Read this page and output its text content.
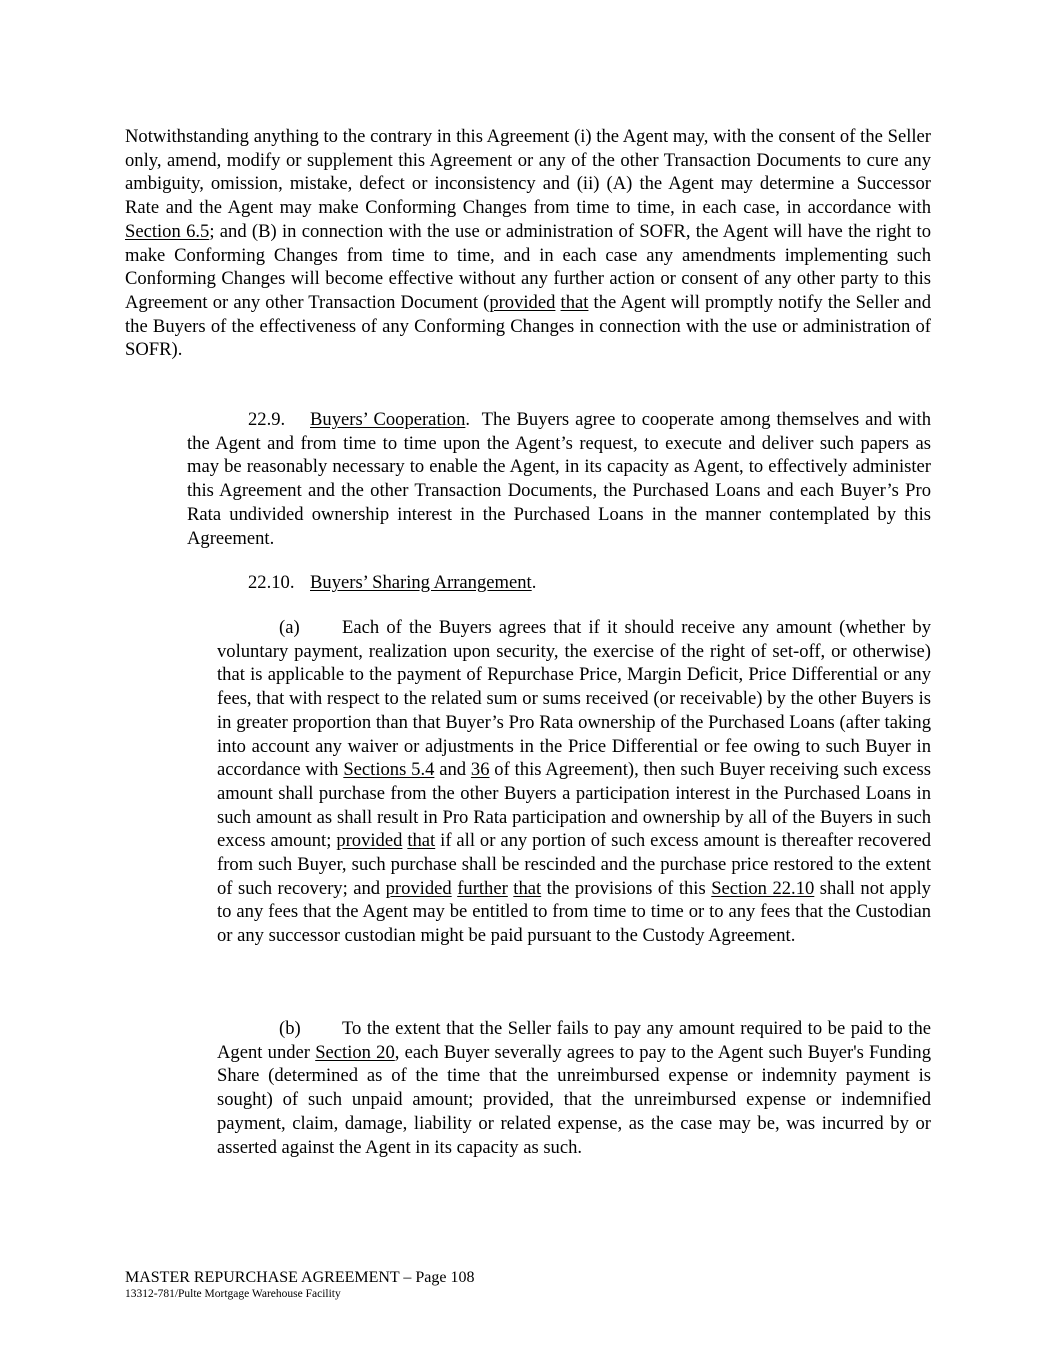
Notwithstanding anything to the contrary in this Agreement (i) the Agent may, with the consent of the Seller only, amend, modify or supplement this Agreement or any of the other Transaction Documents to cure any ambiguity, omission, mistake, defect or inconsistency and (ii) (A) the Agent may determine a Successor Rate and the Agent may make Conforming Changes from time to time, in each case, in accordance with Section 6.5; and (B) in connection with the use or administration of SOFR, the Agent will have the right to make Conforming Changes from time to time, and in each case any amendments implementing such Conforming Changes will become effective without any further action or consent of any other party to this Agreement or any other Transaction Document (provided that the Agent will promptly notify the Seller and the Buyers of the effectiveness of any Conforming Changes in connection with the use or administration of SOFR).

22.9. Buyers’ Cooperation.  The Buyers agree to cooperate among themselves and with the Agent and from time to time upon the Agent’s request, to execute and deliver such papers as may be reasonably necessary to enable the Agent, in its capacity as Agent, to effectively administer this Agreement and the other Transaction Documents, the Purchased Loans and each Buyer’s Pro Rata undivided ownership interest in the Purchased Loans in the manner contemplated by this Agreement.

22.10. Buyers’ Sharing Arrangement.

(a) Each of the Buyers agrees that if it should receive any amount (whether by voluntary payment, realization upon security, the exercise of the right of set-off, or otherwise) that is applicable to the payment of Repurchase Price, Margin Deficit, Price Differential or any fees, that with respect to the related sum or sums received (or receivable) by the other Buyers is in greater proportion than that Buyer’s Pro Rata ownership of the Purchased Loans (after taking into account any waiver or adjustments in the Price Differential or fee owing to such Buyer in accordance with Sections 5.4 and 36 of this Agreement), then such Buyer receiving such excess amount shall purchase from the other Buyers a participation interest in the Purchased Loans in such amount as shall result in Pro Rata participation and ownership by all of the Buyers in such excess amount; provided that if all or any portion of such excess amount is thereafter recovered from such Buyer, such purchase shall be rescinded and the purchase price restored to the extent of such recovery; and provided further that the provisions of this Section 22.10 shall not apply to any fees that the Agent may be entitled to from time to time or to any fees that the Custodian or any successor custodian might be paid pursuant to the Custody Agreement.

(b) To the extent that the Seller fails to pay any amount required to be paid to the Agent under Section 20, each Buyer severally agrees to pay to the Agent such Buyer's Funding Share (determined as of the time that the unreimbursed expense or indemnity payment is sought) of such unpaid amount; provided, that the unreimbursed expense or indemnified payment, claim, damage, liability or related expense, as the case may be, was incurred by or asserted against the Agent in its capacity as such.

MASTER REPURCHASE AGREEMENT – Page 108
13312-781/Pulte Mortgage Warehouse Facility
